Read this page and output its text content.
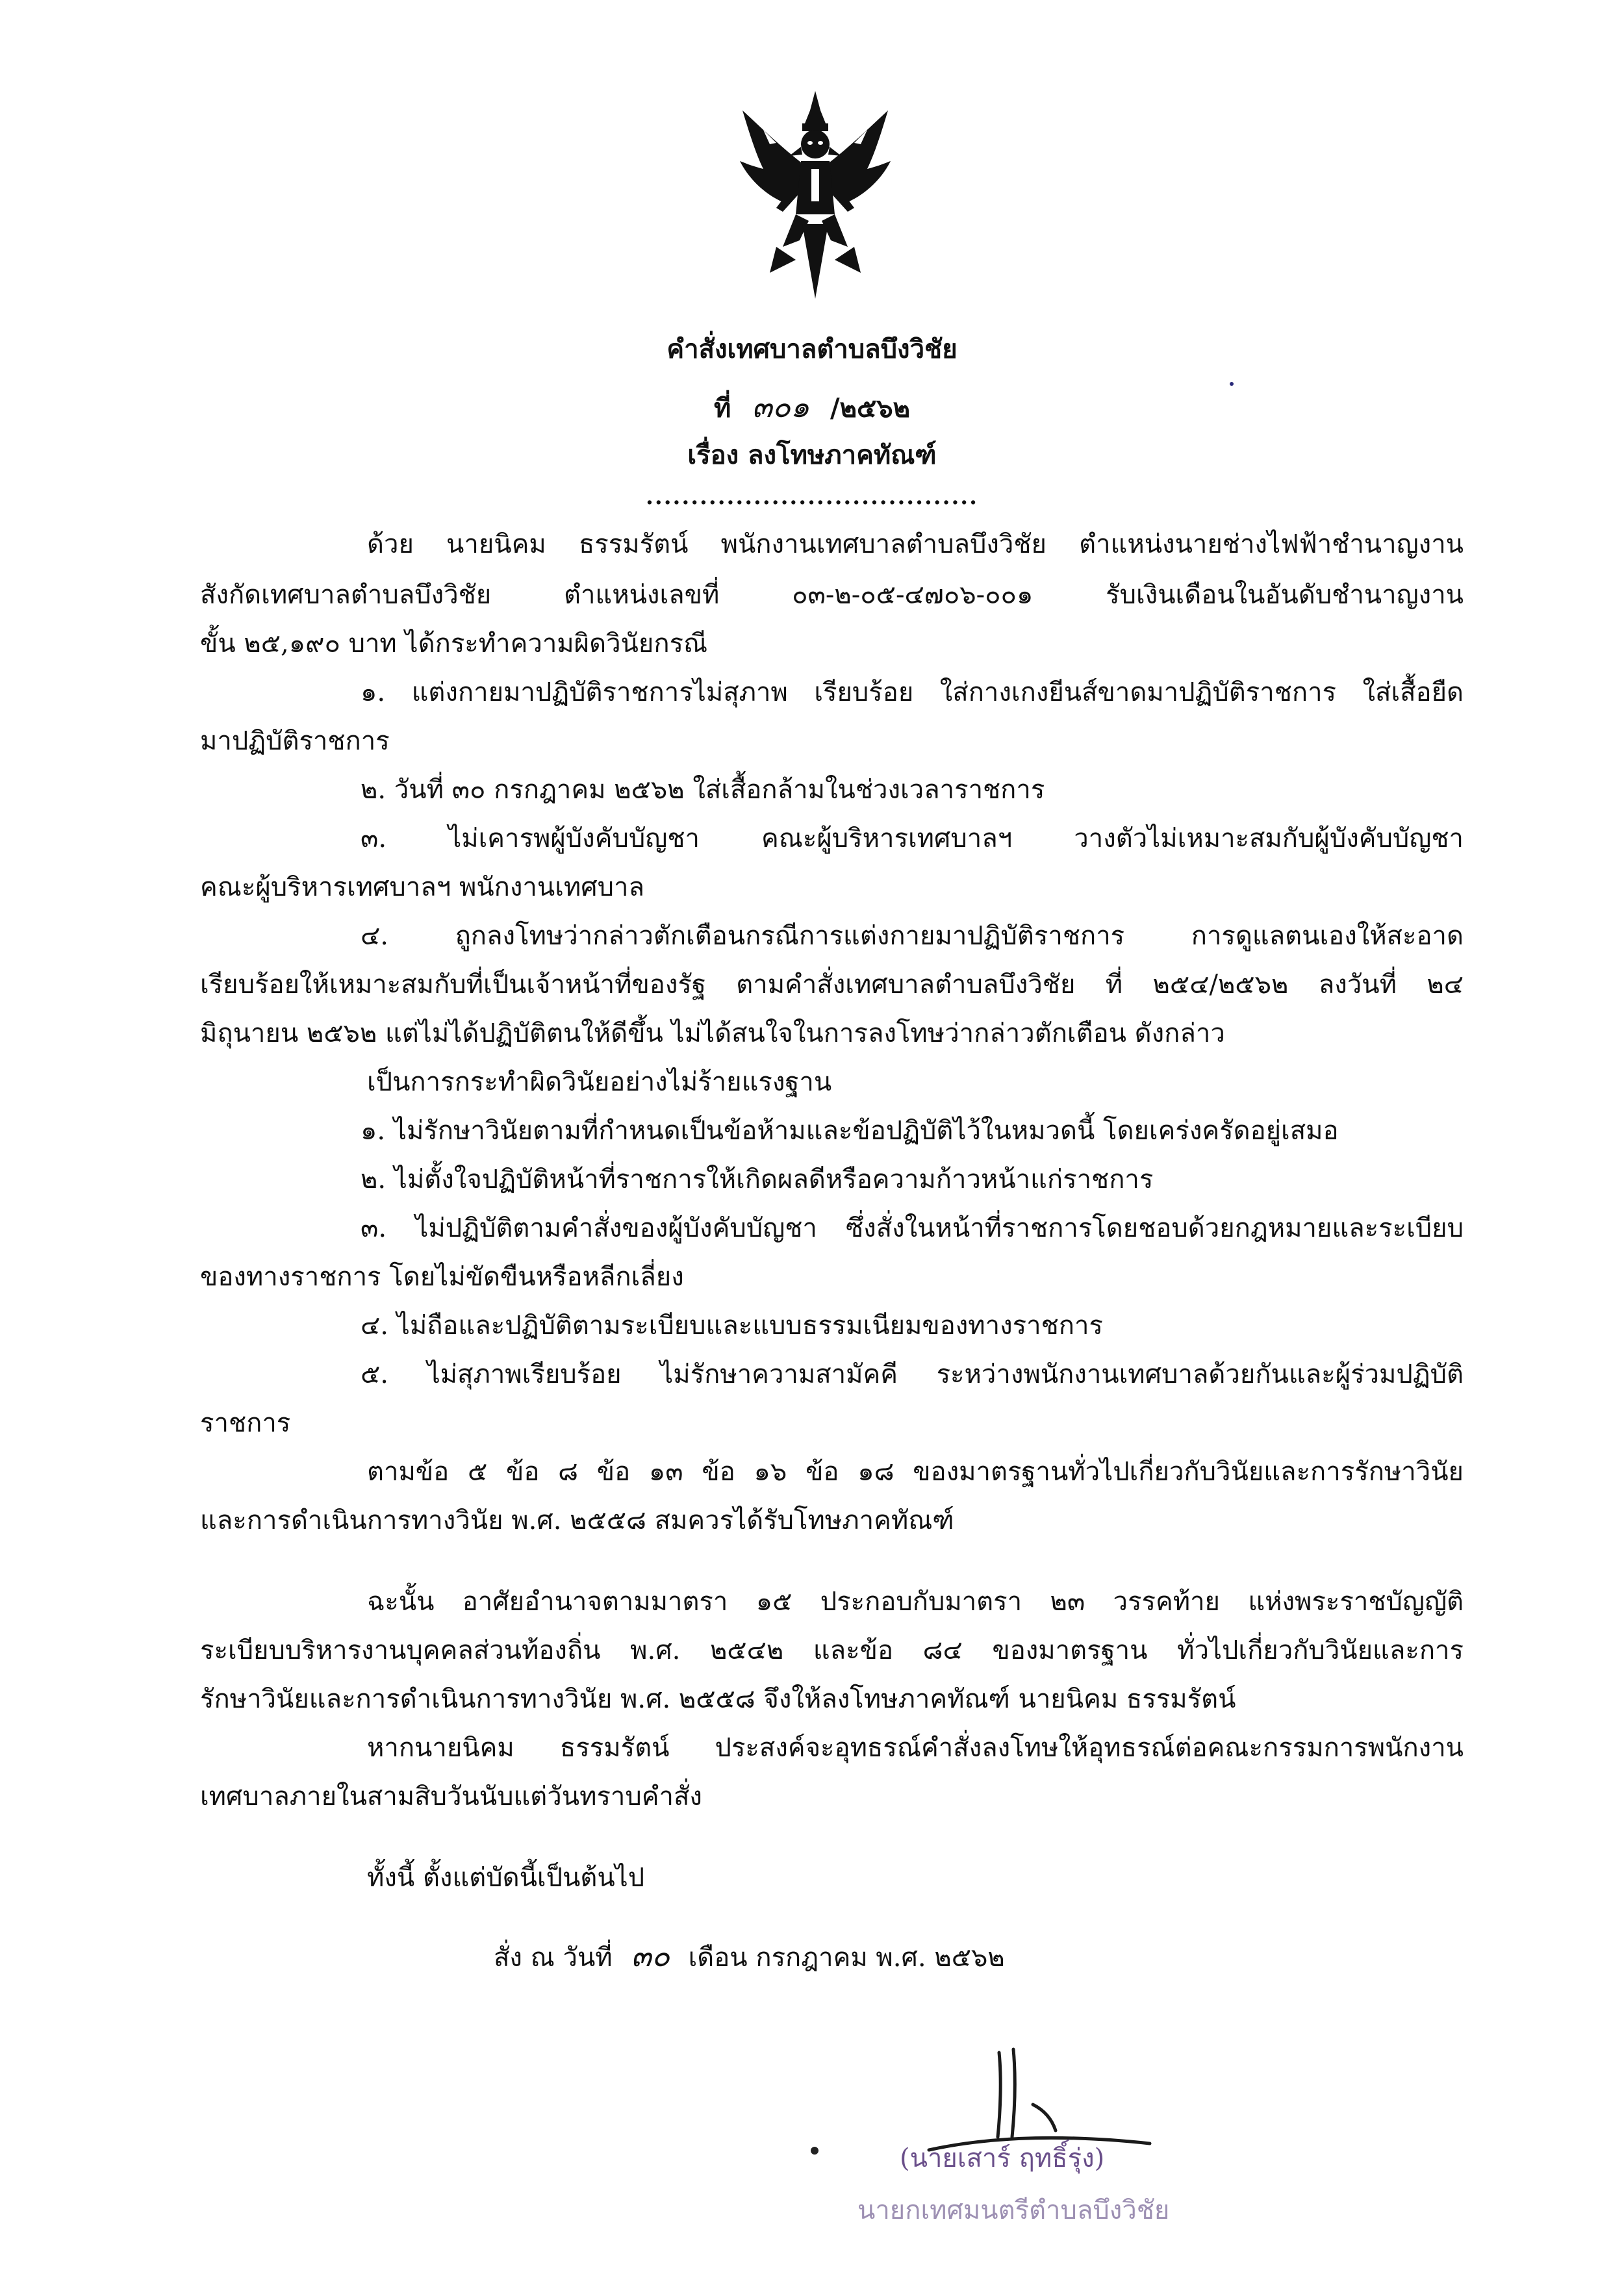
คำสั่งเทศบาลตำบลบึงวิชัย
ที่ ๓๐๑ /๒๕๖๒
เรื่อง ลงโทษภาคทัณฑ์
.....................................
ด้วย นายนิคม ธรรมรัตน์ พนักงานเทศบาลตำบลบึงวิชัย ตำแหน่งนายช่างไฟฟ้าชำนาญงาน
สังกัดเทศบาลตำบลบึงวิชัย ตำแหน่งเลขที่ ๐๓-๒-๐๕-๔๗๐๖-๐๐๑ รับเงินเดือนในอันดับชำนาญงาน
ขั้น ๒๕,๑๙๐ บาท ได้กระทำความผิดวินัยกรณี
๑. แต่งกายมาปฏิบัติราชการไม่สุภาพ เรียบร้อย ใส่กางเกงยีนส์ขาดมาปฏิบัติราชการ ใส่เสื้อยืด
มาปฏิบัติราชการ
๒. วันที่ ๓๐ กรกฎาคม ๒๕๖๒ ใส่เสื้อกล้ามในช่วงเวลาราชการ
๓. ไม่เคารพผู้บังคับบัญชา คณะผู้บริหารเทศบาลฯ วางตัวไม่เหมาะสมกับผู้บังคับบัญชา
คณะผู้บริหารเทศบาลฯ พนักงานเทศบาล
๔. ถูกลงโทษว่ากล่าวตักเตือนกรณีการแต่งกายมาปฏิบัติราชการ การดูแลตนเองให้สะอาด
เรียบร้อยให้เหมาะสมกับที่เป็นเจ้าหน้าที่ของรัฐ ตามคำสั่งเทศบาลตำบลบึงวิชัย ที่ ๒๕๔/๒๕๖๒ ลงวันที่ ๒๔
มิถุนายน ๒๕๖๒ แต่ไม่ได้ปฏิบัติตนให้ดีขึ้น ไม่ได้สนใจในการลงโทษว่ากล่าวตักเตือน ดังกล่าว
เป็นการกระทำผิดวินัยอย่างไม่ร้ายแรงฐาน
๑. ไม่รักษาวินัยตามที่กำหนดเป็นข้อห้ามและข้อปฏิบัติไว้ในหมวดนี้ โดยเคร่งครัดอยู่เสมอ
๒. ไม่ตั้งใจปฏิบัติหน้าที่ราชการให้เกิดผลดีหรือความก้าวหน้าแก่ราชการ
๓. ไม่ปฏิบัติตามคำสั่งของผู้บังคับบัญชา ซึ่งสั่งในหน้าที่ราชการโดยชอบด้วยกฎหมายและระเบียบ
ของทางราชการ โดยไม่ขัดขืนหรือหลีกเลี่ยง
๔. ไม่ถือและปฏิบัติตามระเบียบและแบบธรรมเนียมของทางราชการ
๕. ไม่สุภาพเรียบร้อย ไม่รักษาความสามัคคี ระหว่างพนักงานเทศบาลด้วยกันและผู้ร่วมปฏิบัติ
ราชการ
ตามข้อ ๕ ข้อ ๘ ข้อ ๑๓ ข้อ ๑๖ ข้อ ๑๘ ของมาตรฐานทั่วไปเกี่ยวกับวินัยและการรักษาวินัย
และการดำเนินการทางวินัย พ.ศ. ๒๕๕๘ สมควรได้รับโทษภาคทัณฑ์
ฉะนั้น อาศัยอำนาจตามมาตรา ๑๕ ประกอบกับมาตรา ๒๓ วรรคท้าย แห่งพระราชบัญญัติ
ระเบียบบริหารงานบุคคลส่วนท้องถิ่น พ.ศ. ๒๕๔๒ และข้อ ๘๔ ของมาตรฐาน ทั่วไปเกี่ยวกับวินัยและการ
รักษาวินัยและการดำเนินการทางวินัย พ.ศ. ๒๕๕๘ จึงให้ลงโทษภาคทัณฑ์ นายนิคม ธรรมรัตน์
หากนายนิคม ธรรมรัตน์ ประสงค์จะอุทธรณ์คำสั่งลงโทษให้อุทธรณ์ต่อคณะกรรมการพนักงาน
เทศบาลภายในสามสิบวันนับแต่วันทราบคำสั่ง
ทั้งนี้ ตั้งแต่บัดนี้เป็นต้นไป
สั่ง ณ วันที่ ๓๐ เดือน กรกฎาคม พ.ศ. ๒๕๖๒
(นายเสาร์ ฤทธิ์รุ่ง)
นายกเทศมนตรีตำบลบึงวิชัย
